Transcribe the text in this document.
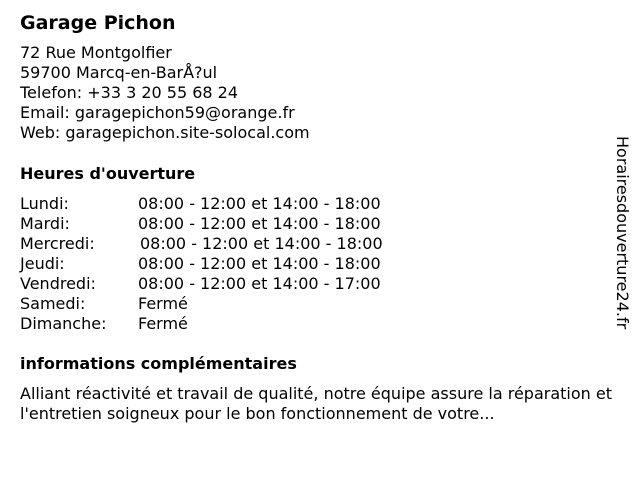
Garage Pichon
72 Rue Montgolfier
59700 Marcq-en-BarÅ?ul
Telefon: +33 3 20 55 68 24
Email: garagepichon59@orange.fr
Web: garagepichon.site-solocal.com
Heures d'ouverture
Lundi:	08:00 - 12:00 et 14:00 - 18:00
Mardi:	08:00 - 12:00 et 14:00 - 18:00
Mercredi:	08:00 - 12:00 et 14:00 - 18:00
Jeudi:	08:00 - 12:00 et 14:00 - 18:00
Vendredi:	08:00 - 12:00 et 14:00 - 17:00
Samedi:	Fermé
Dimanche: Fermé
informations complémentaires
Alliant réactivité et travail de qualité, notre équipe assure la réparation et l'entretien soigneux pour le bon fonctionnement de votre...
Horairesdouverture24.fr
